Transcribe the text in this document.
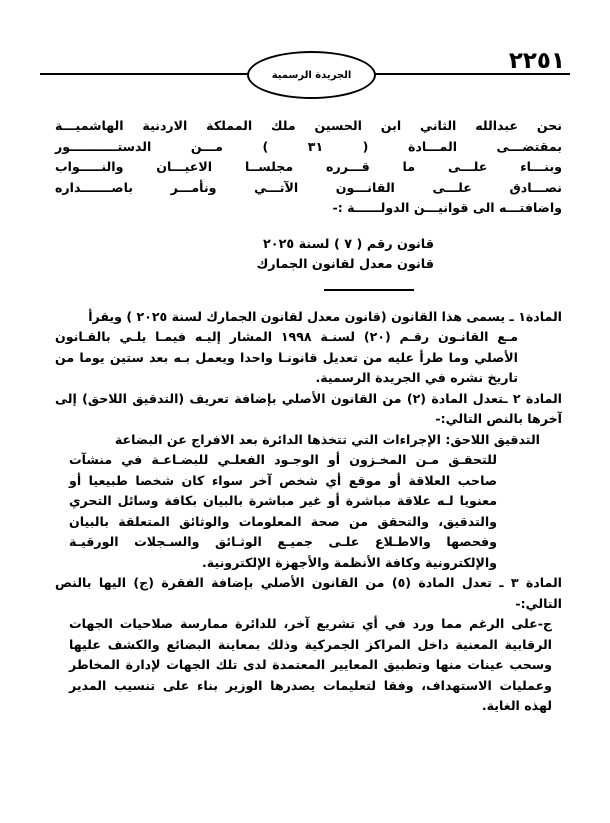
٢٢٥١
الجريدة الرسمية
نحن عبدالله الثاني ابن الحسين ملك المملكة الاردنية الهاشميـــة
بمقتضـــى المـــادة ( ٣١ ) مـــن الدستـــــــــــور
وبنـــاء علـــى ما قـــرره مجلســا الاعيـــان والنـــــواب
نصـــادق علـــى القانـــون الآتـــي ونأمـــر باصـــــــداره
واضافتـــه الى قوانيـــن الدولــــــة :-
قانون رقم ( ٧ ) لسنة ٢٠٢٥
قانون معدل لقانون الجمارك

المادة١ ـ يسمى هذا القانون (قانون معدل لقانون الجمارك لسنة ٢٠٢٥ ) ويقرأ

مـع القانـون رقـم (٢٠) لسنـة ١٩٩٨ المشار إليـه فيمـا يلـي بالقـانون الأصلي وما طرأ عليه من تعديل قانونـا واحدا ويعمل بـه بعد ستين يوما من تاريخ نشره في الجريدة الرسمية.

المادة ٢ ـتعدل المادة (٢) من القانون الأصلي بإضافة تعريف (التدقيق اللاحق) إلى آخرها بالنص التالي:-

التدقيق اللاحق: الإجراءات التي تتخذها الدائرة بعد الافراج عن البضاعة

للتحقـق مـن المخـزون أو الوجـود الفعلـي للبضـاعـة في منشآت صاحب العلاقة أو موقع أي شخص آخر سواء كان شخصا طبيعيا أو معنويا لـه علاقة مباشرة أو غير مباشرة بالبيان بكافة وسائل التحري والتدقيق، والتحقق من صحة المعلومات والوثائق المتعلقة بالبيان وفحصها والاطـلاع علـى جميـع الوثـائق والسـجلات الورقيـة والإلكترونية وكافة الأنظمة والأجهزة الإلكترونية.

المادة ٣ ـ تعدل المادة (٥) من القانون الأصلي بإضافة الفقرة (ج) اليها بالنص التالي:-

ج-على الرغم مما ورد في أي تشريع آخر، للدائرة ممارسة صلاحيات الجهات الرقابية المعنية داخل المراكز الجمركية وذلك بمعاينة البضائع والكشف عليها وسحب عينات منها وتطبيق المعايير المعتمدة لدى تلك الجهات لإدارة المخاطر وعمليات الاستهداف، وفقا لتعليمات يصدرها الوزير بناء على تنسيب المدير لهذه الغاية.
